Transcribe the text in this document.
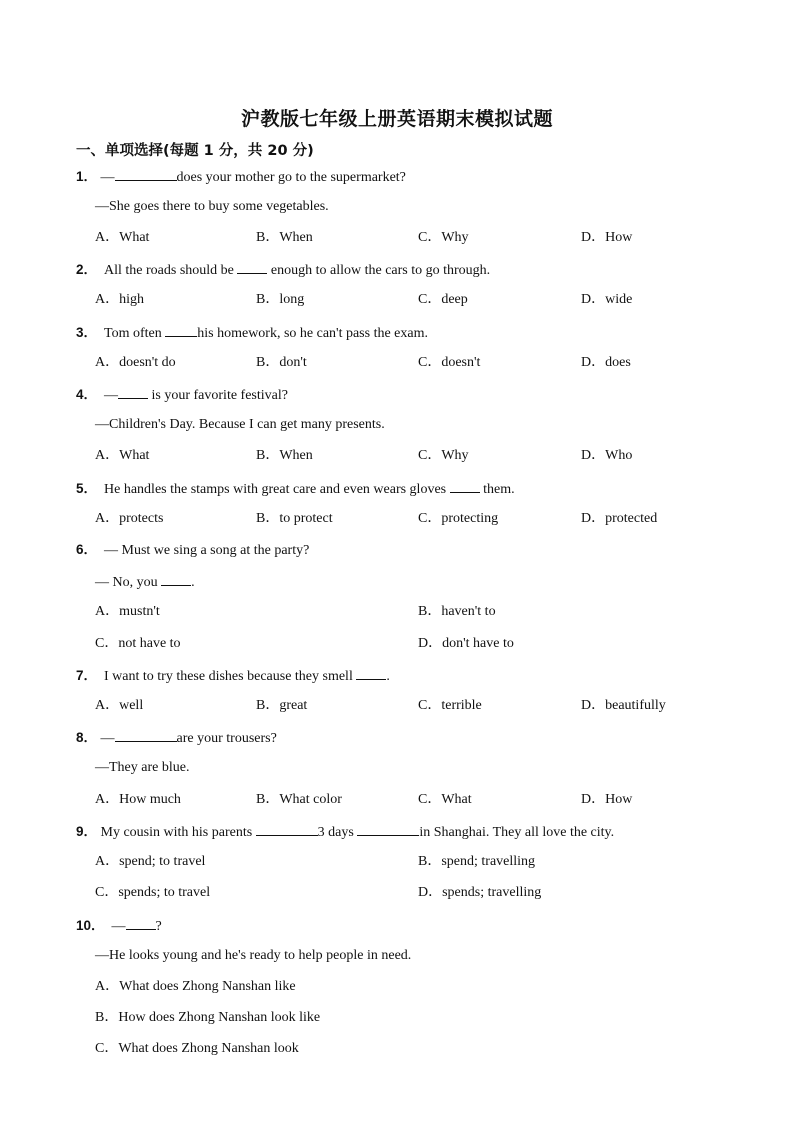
沪教版七年级上册英语期末模拟试题
一、单项选择(每题 1 分，共 20 分)
1． —	does your mother go to the supermarket?
—She goes there to buy some vegetables.
A．What	B．When	C．Why	D．How
2． All the roads should be  enough to allow the cars to go through.
A．high	B．long	C．deep	D．wide
3． Tom often his homework, so he can't pass the exam.
A．doesn't do	B．don't	C．doesn't	D．does
4． — is your favorite festival?
—Children's Day. Because I can get many presents.
A．What	B．When	C．Why	D．Who
5． He handles the stamps with great care and even wears gloves  them.
A．protects	B．to protect	C．protecting	D．protected
6． — Must we sing a song at the party?
— No, you .
A．mustn't	B．haven't to
C．not have to	D．don't have to
7． I want to try these dishes because they smell .
A．well	B．great	C．terrible	D．beautifully
8． —	are your trousers?
—They are blue.
A．How much	B．What color	C．What	D．How
9． My cousin with his parents	3 days	in Shanghai. They all love the city.
A．spend; to travel	B．spend; travelling
C．spends; to travel	D．spends; travelling
10． — ?
—He looks young and he's ready to help people in need.
A．What does Zhong Nanshan like
B．How does Zhong Nanshan look like
C．What does Zhong Nanshan look
